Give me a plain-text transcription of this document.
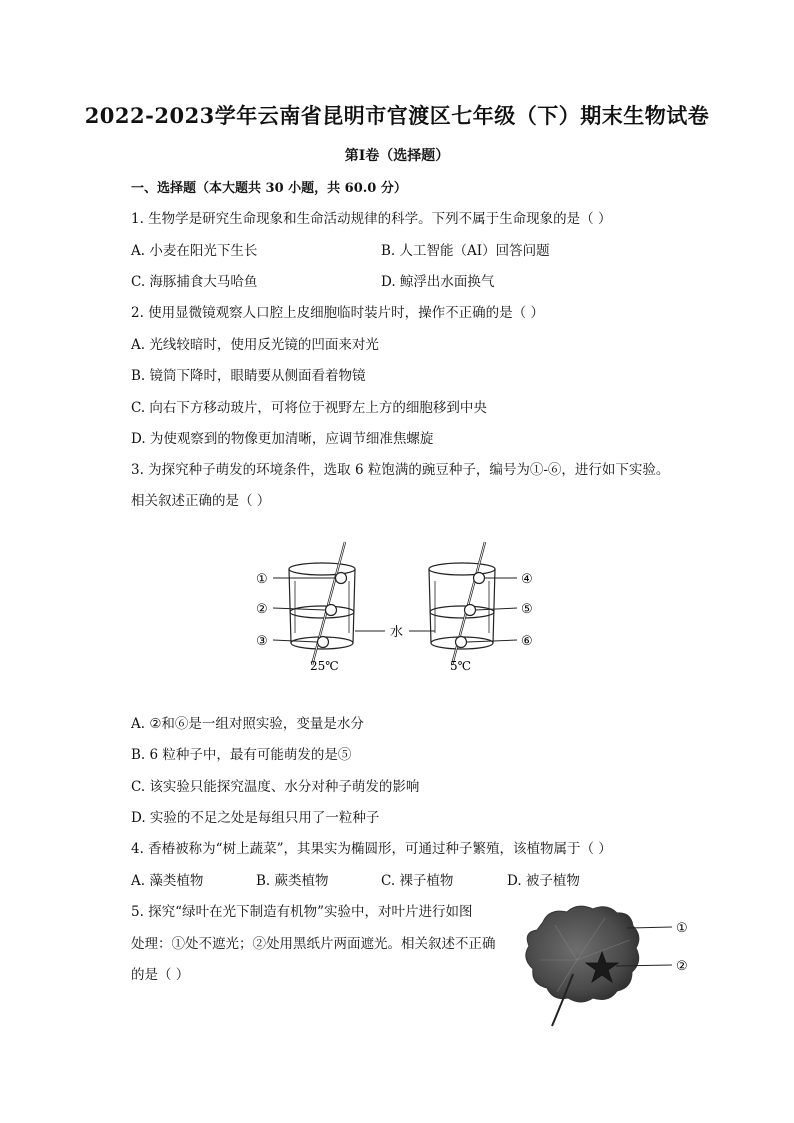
2022-2023学年云南省昆明市官渡区七年级（下）期末生物试卷
第I卷（选择题）
一、选择题（本大题共 30 小题，共 60.0 分）
1. 生物学是研究生命现象和生命活动规律的科学。下列不属于生命现象的是（ ）
A. 小麦在阳光下生长	B. 人工智能（AI）回答问题
C. 海豚捕食大马哈鱼	D. 鲸浮出水面换气
2. 使用显微镜观察人口腔上皮细胞临时装片时，操作不正确的是（ ）
A. 光线较暗时，使用反光镜的凹面来对光
B. 镜筒下降时，眼睛要从侧面看着物镜
C. 向右下方移动玻片，可将位于视野左上方的细胞移到中央
D. 为使观察到的物像更加清晰，应调节细准焦螺旋
3. 为探究种子萌发的环境条件，选取 6 粒饱满的豌豆种子，编号为①-⑥，进行如下实验。
相关叙述正确的是（ ）
①
②
③
④
⑤
⑥
水
25℃	5℃
A. ②和⑥是一组对照实验，变量是水分
B. 6 粒种子中，最有可能萌发的是⑤
C. 该实验只能探究温度、水分对种子萌发的影响
D. 实验的不足之处是每组只用了一粒种子
4. 香椿被称为“树上蔬菜”，其果实为椭圆形，可通过种子繁殖，该植物属于（ ）
A. 藻类植物	B. 蕨类植物	C. 裸子植物	D. 被子植物
5. 探究“绿叶在光下制造有机物”实验中，对叶片进行如图
处理：①处不遮光；②处用黑纸片两面遮光。相关叙述不正确
的是（ ）
①
②
